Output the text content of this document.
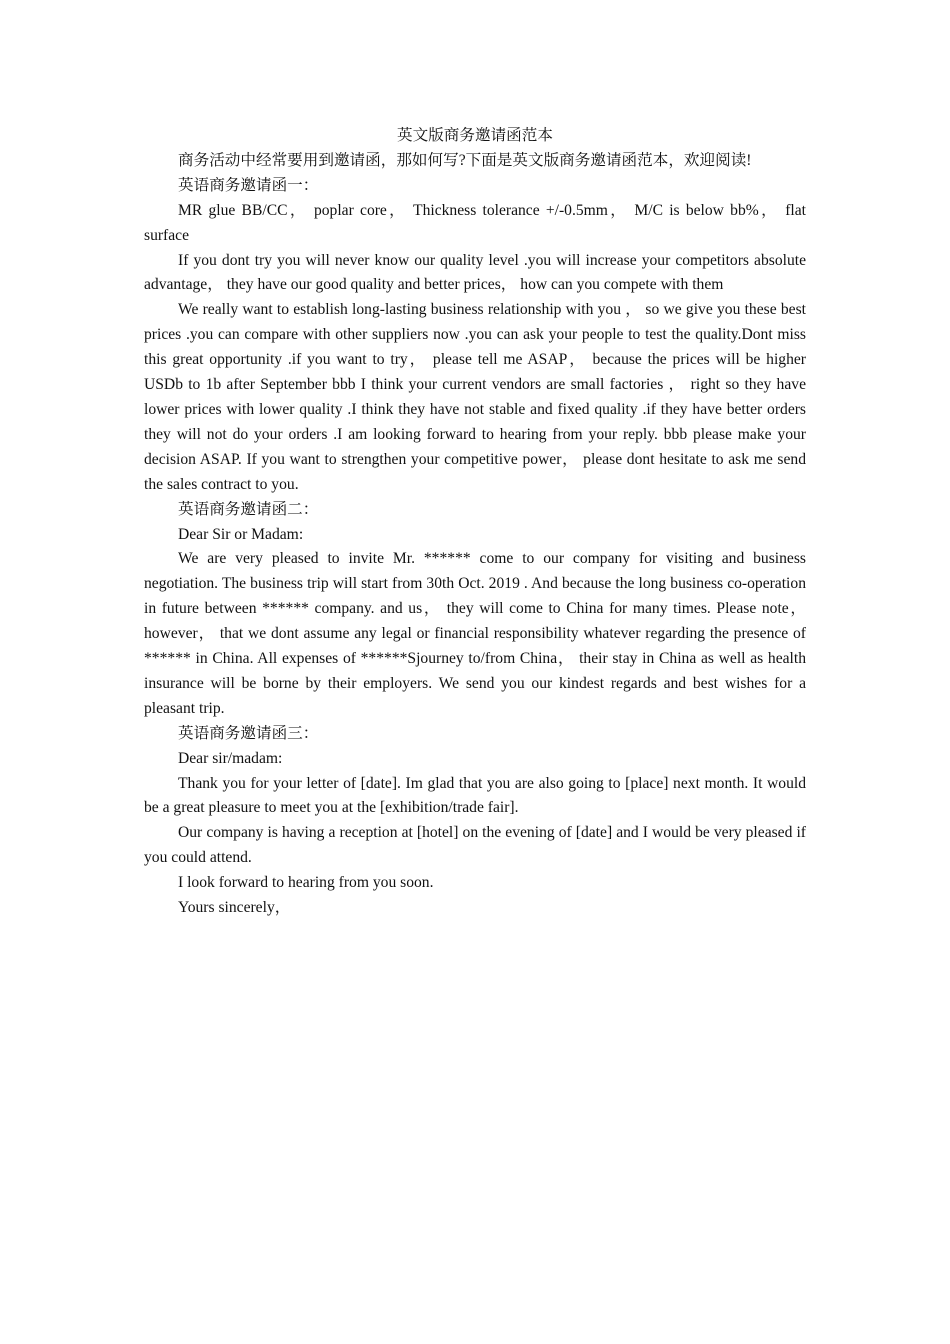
英文版商务邀请函范本

商务活动中经常要用到邀请函，那如何写?下面是英文版商务邀请函范本，欢迎阅读!

英语商务邀请函一：

MR glue BB/CC， poplar core， Thickness tolerance +/-0.5mm， M/C is below bb%， flat surface

If you dont try you will never know our quality level .you will increase your competitors absolute advantage， they have our good quality and better prices， how can you compete with them

We really want to establish long-lasting business relationship with you ， so we give you these best prices .you can compare with other suppliers now .you can ask your people to test the quality.Dont miss this great opportunity .if you want to try， please tell me ASAP， because the prices will be higher USDb to 1b after September bbb I think your current vendors are small factories ， right so they have lower prices with lower quality .I think they have not stable and fixed quality .if they have better orders they will not do your orders .I am looking forward to hearing from your reply. bbb please make your decision ASAP. If you want to strengthen your competitive power， please dont hesitate to ask me send the sales contract to you.

英语商务邀请函二：

Dear Sir or Madam:

We are very pleased to invite Mr. ****** come to our company for visiting and business negotiation. The business trip will start from 30th Oct. 2019 . And because the long business co-operation in future between ****** company. and us， they will come to China for many times. Please note， however， that we dont assume any legal or financial responsibility whatever regarding the presence of ****** in China. All expenses of ******Sjourney to/from China， their stay in China as well as health insurance will be borne by their employers. We send you our kindest regards and best wishes for a pleasant trip.

英语商务邀请函三：

Dear sir/madam:

Thank you for your letter of [date]. Im glad that you are also going to [place] next month. It would be a great pleasure to meet you at the [exhibition/trade fair].

Our company is having a reception at [hotel] on the evening of [date] and I would be very pleased if you could attend.

I look forward to hearing from you soon.

Yours sincerely，
